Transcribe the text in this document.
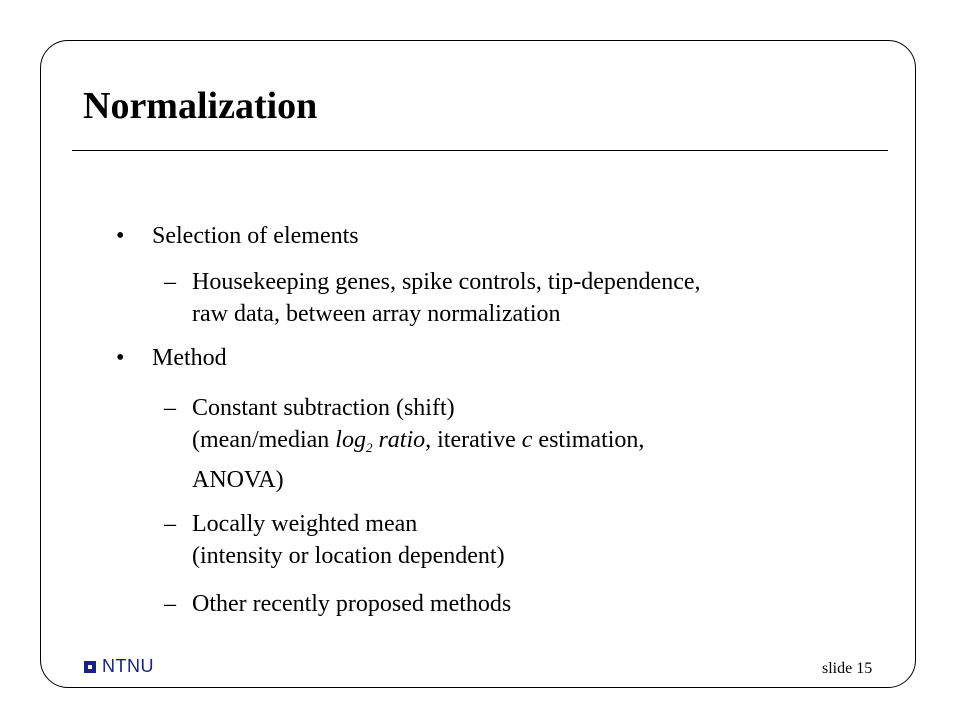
Normalization
• Selection of elements
– Housekeeping genes, spike controls, tip-dependence,
raw data, between array normalization
• Method
– Constant subtraction (shift)
(mean/median $\log_2$ ratio, iterative c estimation,
ANOVA)
– Locally weighted mean
(intensity or location dependent)
– Other recently proposed methods
NTNU	slide 15
